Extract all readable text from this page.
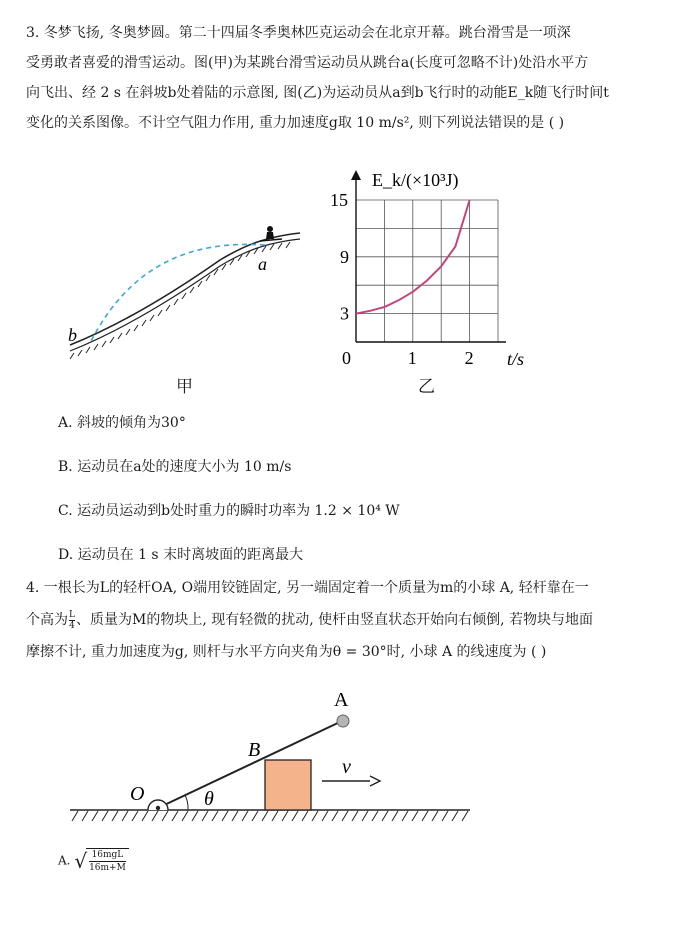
3. 冬梦飞扬, 冬奥梦圆。第二十四届冬季奥林匹克运动会在北京开幕。跳台滑雪是一项深

受勇敢者喜爱的滑雪运动。图(甲)为某跳台滑雪运动员从跳台a(长度可忽略不计)处沿水平方

向飞出、经 2 s 在斜坡b处着陆的示意图, 图(乙)为运动员从a到b飞行时的动能E_k随飞行时间t

变化的关系图像。不计空气阻力作用, 重力加速度g取 10 m/s², 则下列说法错误的是 ( )

a
b
甲
0	1	2
3
9
15
E_k/(×10³J)
t/s
乙
A. 斜坡的倾角为30°
B. 运动员在a处的速度大小为 10 m/s
C. 运动员运动到b处时重力的瞬时功率为 1.2 × 10⁴ W
D. 运动员在 1 s 末时离坡面的距离最大

4. 一根长为L的轻杆OA, O端用铰链固定, 另一端固定着一个质量为m的小球 A, 轻杆靠在一

个高为 $\frac{L}{4}$ 、质量为M的物块上, 现有轻微的扰动, 使杆由竖直状态开始向右倾倒, 若物块与地面

摩擦不计, 重力加速度为g, 则杆与水平方向夹角为θ = 30°时, 小球 A 的线速度为 ( )

A
B
O	θ
v
A. √ $\frac{\text{16mgL}}{16m+M}$
